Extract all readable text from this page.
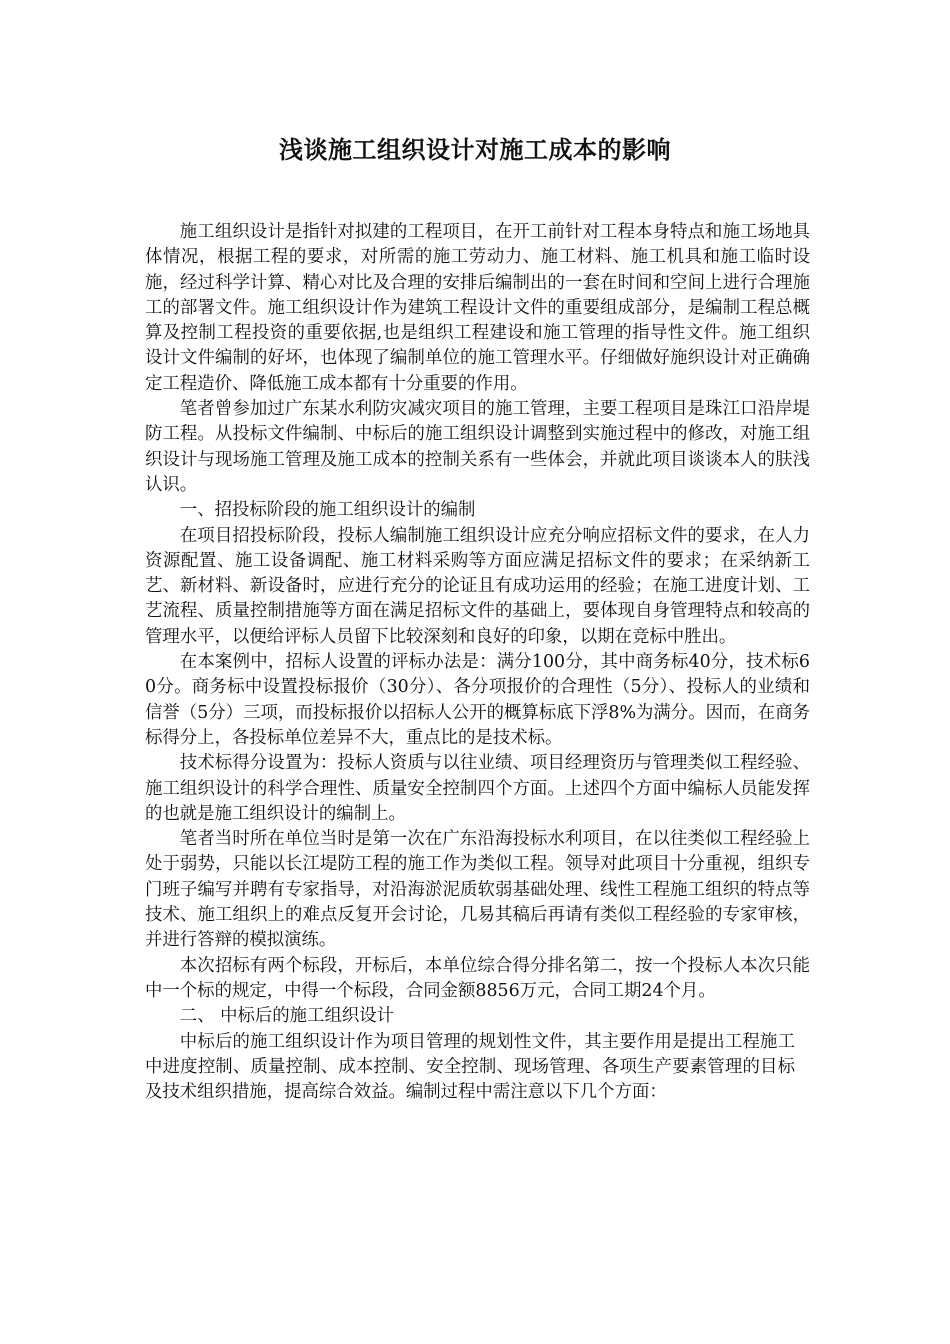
浅谈施工组织设计对施工成本的影响

施工组织设计是指针对拟建的工程项目，在开工前针对工程本身特点和施工场地具体情况，根据工程的要求，对所需的施工劳动力、施工材料、施工机具和施工临时设施，经过科学计算、精心对比及合理的安排后编制出的一套在时间和空间上进行合理施工的部署文件。施工组织设计作为建筑工程设计文件的重要组成部分，是编制工程总概算及控制工程投资的重要依据,也是组织工程建设和施工管理的指导性文件。施工组织设计文件编制的好坏，也体现了编制单位的施工管理水平。仔细做好施织设计对正确确定工程造价、降低施工成本都有十分重要的作用。

笔者曾参加过广东某水利防灾减灾项目的施工管理，主要工程项目是珠江口沿岸堤防工程。从投标文件编制、中标后的施工组织设计调整到实施过程中的修改，对施工组织设计与现场施工管理及施工成本的控制关系有一些体会，并就此项目谈谈本人的肤浅认识。

一、招投标阶段的施工组织设计的编制

在项目招投标阶段，投标人编制施工组织设计应充分响应招标文件的要求，在人力资源配置、施工设备调配、施工材料采购等方面应满足招标文件的要求；在采纳新工艺、新材料、新设备时，应进行充分的论证且有成功运用的经验；在施工进度计划、工艺流程、质量控制措施等方面在满足招标文件的基础上，要体现自身管理特点和较高的管理水平，以便给评标人员留下比较深刻和良好的印象，以期在竞标中胜出。

在本案例中，招标人设置的评标办法是：满分100分，其中商务标40分，技术标60分。商务标中设置投标报价（30分）、各分项报价的合理性（5分）、投标人的业绩和信誉（5分）三项，而投标报价以招标人公开的概算标底下浮8%为满分。因而，在商务标得分上，各投标单位差异不大，重点比的是技术标。

技术标得分设置为：投标人资质与以往业绩、项目经理资历与管理类似工程经验、施工组织设计的科学合理性、质量安全控制四个方面。上述四个方面中编标人员能发挥的也就是施工组织设计的编制上。

笔者当时所在单位当时是第一次在广东沿海投标水利项目，在以往类似工程经验上处于弱势，只能以长江堤防工程的施工作为类似工程。领导对此项目十分重视，组织专门班子编写并聘有专家指导，对沿海淤泥质软弱基础处理、线性工程施工组织的特点等技术、施工组织上的难点反复开会讨论，几易其稿后再请有类似工程经验的专家审核，并进行答辩的模拟演练。

本次招标有两个标段，开标后，本单位综合得分排名第二，按一个投标人本次只能中一个标的规定，中得一个标段，合同金额8856万元，合同工期24个月。

二、 中标后的施工组织设计

中标后的施工组织设计作为项目管理的规划性文件，其主要作用是提出工程施工中进度控制、质量控制、成本控制、安全控制、现场管理、各项生产要素管理的目标及技术组织措施，提高综合效益。编制过程中需注意以下几个方面：
